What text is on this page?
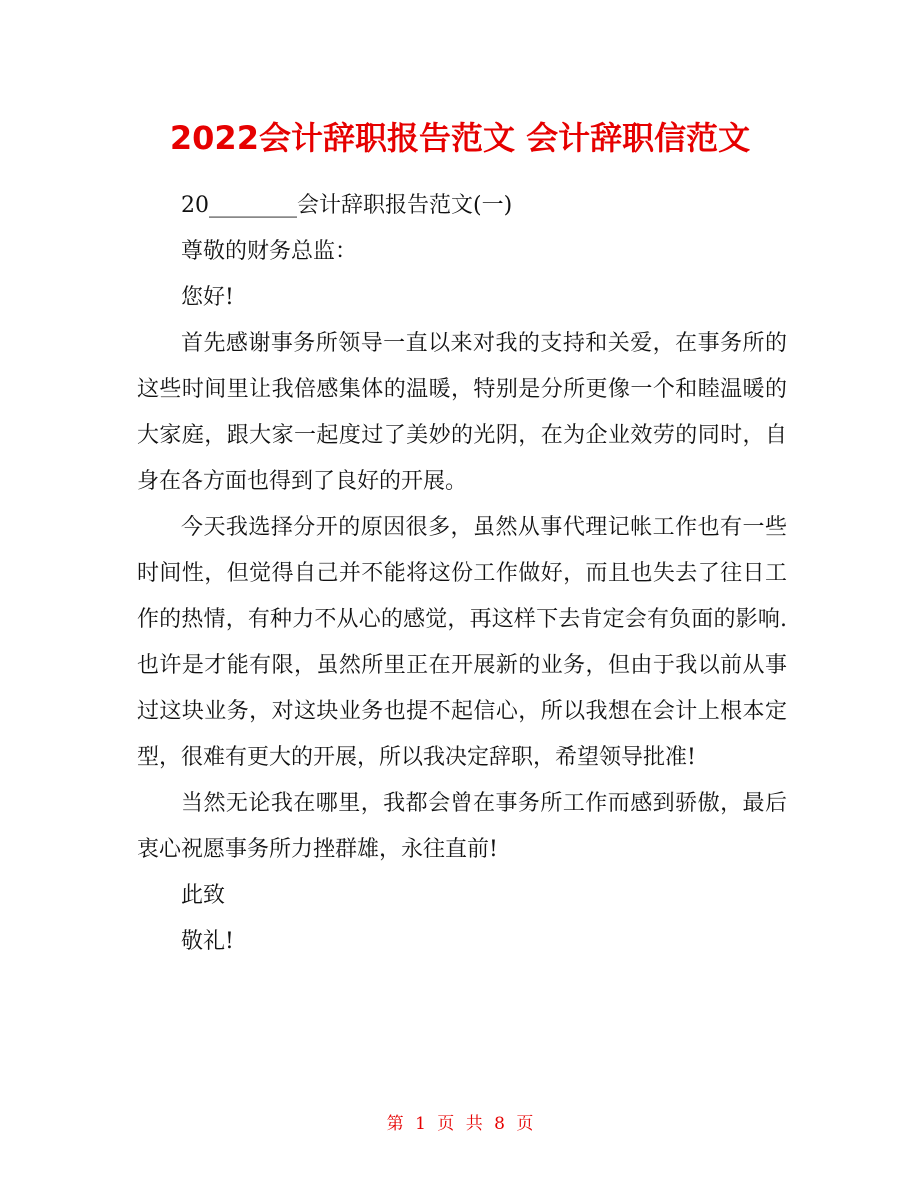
2022会计辞职报告范文 会计辞职信范文
20________会计辞职报告范文(一)
尊敬的财务总监：
您好!

首先感谢事务所领导一直以来对我的支持和关爱，在事务所的这些时间里让我倍感集体的温暖，特别是分所更像一个和睦温暖的大家庭，跟大家一起度过了美妙的光阴，在为企业效劳的同时，自身在各方面也得到了良好的开展。

今天我选择分开的原因很多，虽然从事代理记帐工作也有一些时间性，但觉得自己并不能将这份工作做好，而且也失去了往日工作的热情，有种力不从心的感觉，再这样下去肯定会有负面的影响.也许是才能有限，虽然所里正在开展新的业务，但由于我以前从事过这块业务，对这块业务也提不起信心，所以我想在会计上根本定型，很难有更大的开展，所以我决定辞职，希望领导批准!

当然无论我在哪里，我都会曾在事务所工作而感到骄傲，最后衷心祝愿事务所力挫群雄，永往直前!

此致
敬礼!
第 1 页 共 8 页
